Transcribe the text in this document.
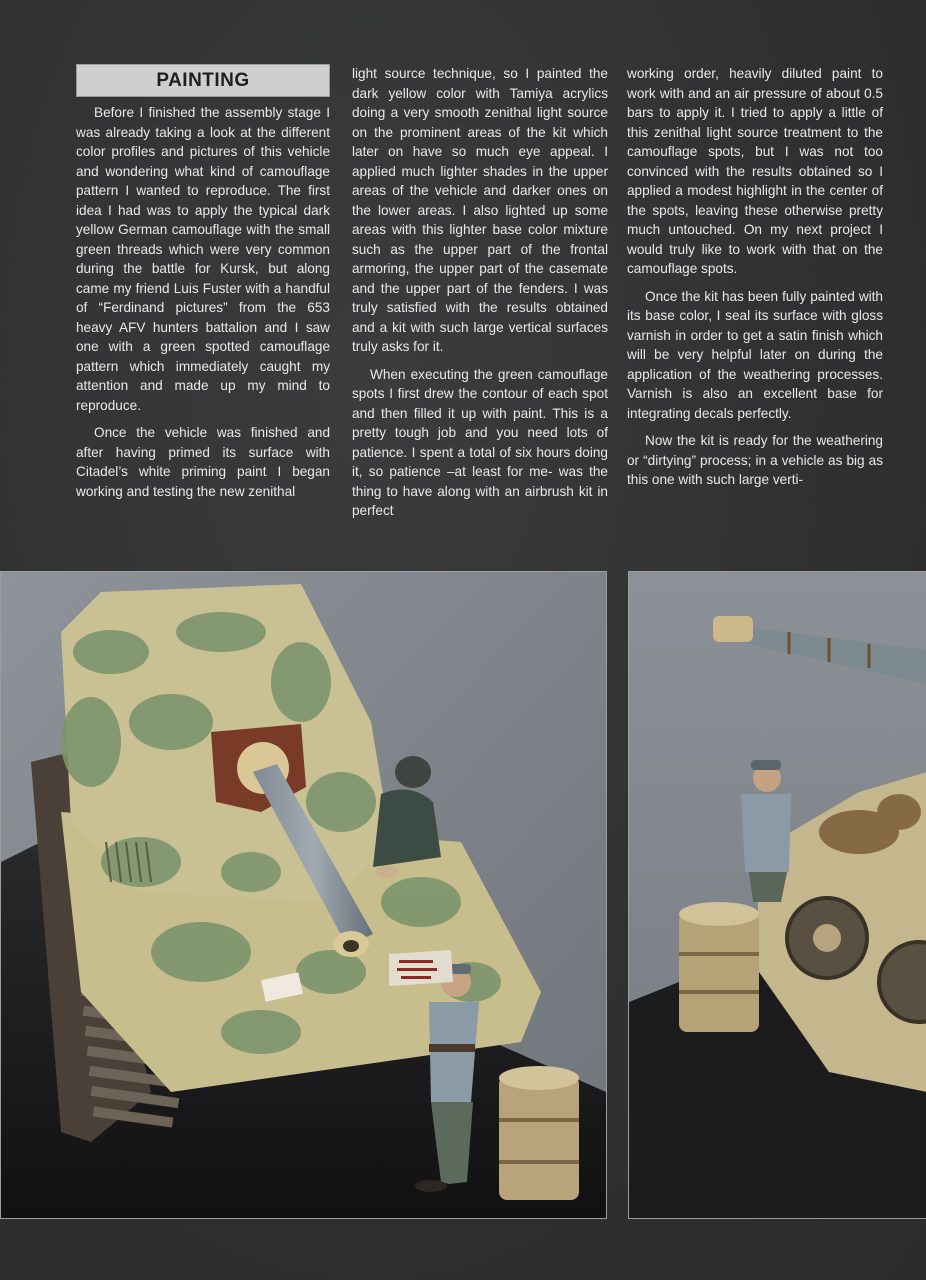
PAINTING

Before I finished the assembly stage I was already taking a look at the different color profiles and pictures of this vehicle and wondering what kind of camouflage pattern I wanted to reproduce. The first idea I had was to apply the typical dark yellow German camouflage with the small green threads which were very common during the battle for Kursk, but along came my friend Luis Fuster with a handful of “Ferdinand pictures” from the 653 heavy AFV hunters battalion and I saw one with a green spotted camouflage pattern which immediately caught my attention and made up my mind to reproduce.

Once the vehicle was finished and after having primed its surface with Citadel’s white priming paint I began working and testing the new zenithal

light source technique, so I painted the dark yellow color with Tamiya acrylics doing a very smooth zenithal light source on the prominent areas of the kit which later on have so much eye appeal. I applied much lighter shades in the upper areas of the vehicle and darker ones on the lower areas. I also lighted up some areas with this lighter base color mixture such as the upper part of the frontal armoring, the upper part of the casemate and the upper part of the fenders. I was truly satisfied with the results obtained and a kit with such large vertical surfaces truly asks for it.

When executing the green camouflage spots I first drew the contour of each spot and then filled it up with paint. This is a pretty tough job and you need lots of patience. I spent a total of six hours doing it, so patience –at least for me- was the thing to have along with an airbrush kit in perfect

working order, heavily diluted paint to work with and an air pressure of about 0.5 bars to apply it. I tried to apply a little of this zenithal light source treatment to the camouflage spots, but I was not too convinced with the results obtained so I applied a modest highlight in the center of the spots, leaving these otherwise pretty much untouched. On my next project I would truly like to work with that on the camouflage spots.

Once the kit has been fully painted with its base color, I seal its surface with gloss varnish in order to get a satin finish which will be very helpful later on during the application of the weathering processes. Varnish is also an excellent base for integrating decals perfectly.

Now the kit is ready for the weathering or “dirtying” process; in a vehicle as big as this one with such large verti-
